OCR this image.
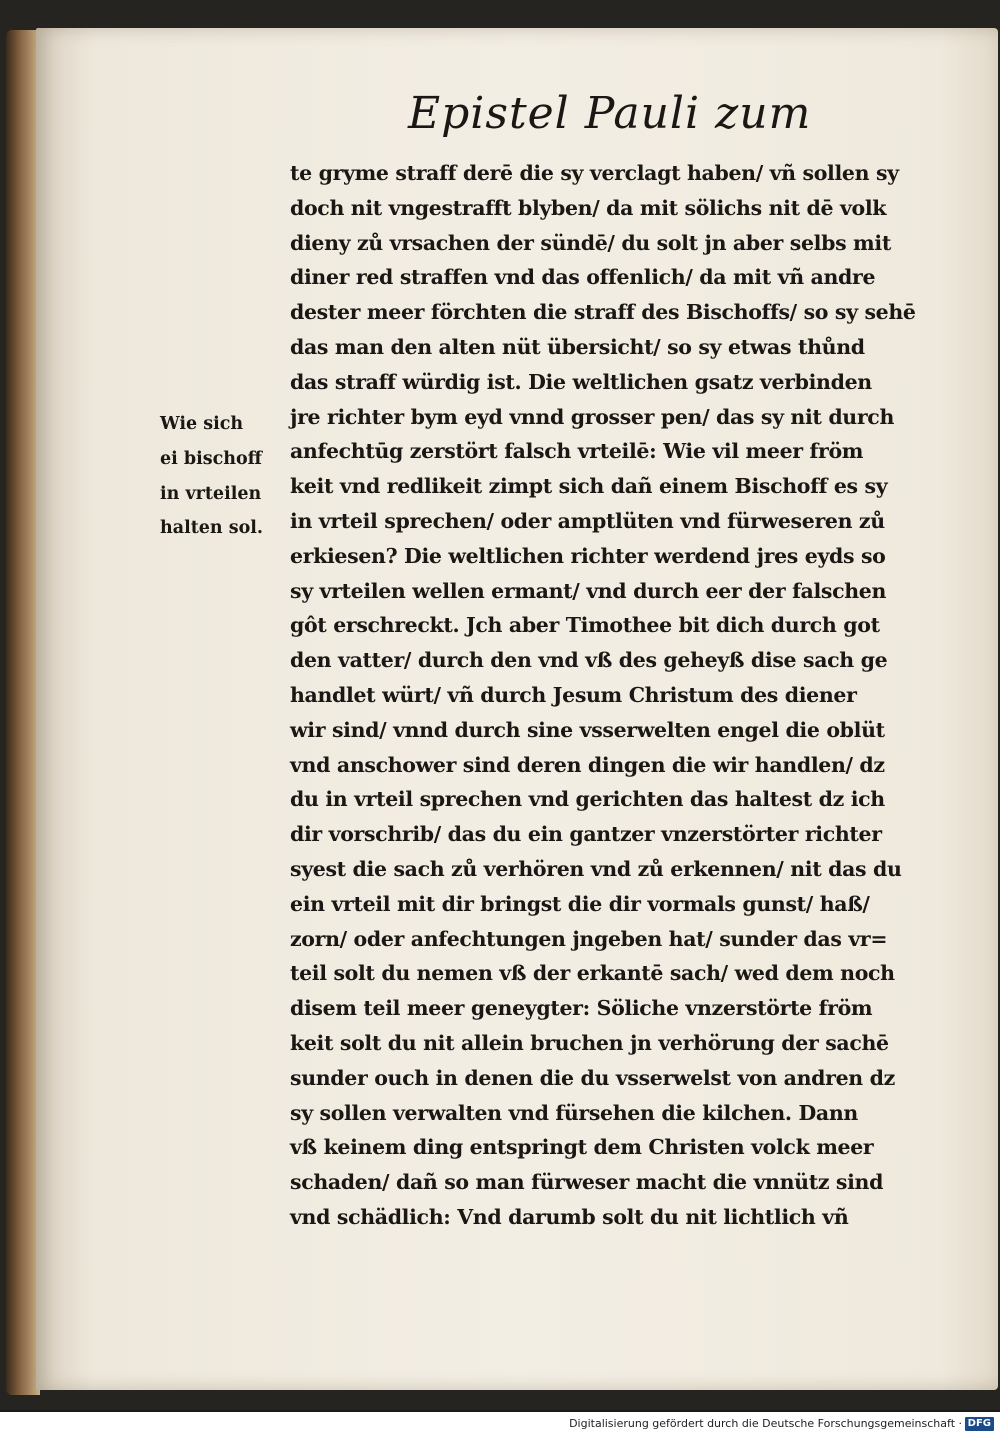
Epistel Pauli zum
Wie sich
ei bischoff
in vrteilen
halten sol.
te gryme straff derē die sy verclagt haben/ vñ sollen sy
doch nit vngestrafft blyben/ da mit sölichs nit dē volk
dieny zů vrsachen der sündē/ du solt jn aber selbs mit
diner red straffen vnd das offenlich/ da mit vñ andre
dester meer förchten die straff des Bischoffs/ so sy sehē
das man den alten nüt übersicht/ so sy etwas thůnd
das straff würdig ist. Die weltlichen gsatz verbinden
jre richter bym eyd vnnd grosser pen/ das sy nit durch
anfechtūg zerstört falsch vrteilē: Wie vil meer fröm
keit vnd redlikeit zimpt sich dañ einem Bischoff es sy
in vrteil sprechen/ oder amptlüten vnd fürweseren zů
erkiesen? Die weltlichen richter werdend jres eyds so
sy vrteilen wellen ermant/ vnd durch eer der falschen
gôt erschreckt. Jch aber Timothee bit dich durch got
den vatter/ durch den vnd vß des geheyß dise sach ge
handlet würt/ vñ durch Jesum Christum des diener
wir sind/ vnnd durch sine vsserwelten engel die oblüt
vnd anschower sind deren dingen die wir handlen/ dz
du in vrteil sprechen vnd gerichten das haltest dz ich
dir vorschrib/ das du ein gantzer vnzerstörter richter
syest die sach zů verhören vnd zů erkennen/ nit das du
ein vrteil mit dir bringst die dir vormals gunst/ haß/
zorn/ oder anfechtungen jngeben hat/ sunder das vr=
teil solt du nemen vß der erkantē sach/ wed dem noch
disem teil meer geneygter: Söliche vnzerstörte fröm
keit solt du nit allein bruchen jn verhörung der sachē
sunder ouch in denen die du vsserwelst von andren dz
sy sollen verwalten vnd fürsehen die kilchen. Dann
vß keinem ding entspringt dem Christen volck meer
schaden/ dañ so man fürweser macht die vnnütz sind
vnd schädlich: Vnd darumb solt du nit lichtlich vñ
Digitalisierung gefördert durch die Deutsche Forschungsgemeinschaft · DFG
